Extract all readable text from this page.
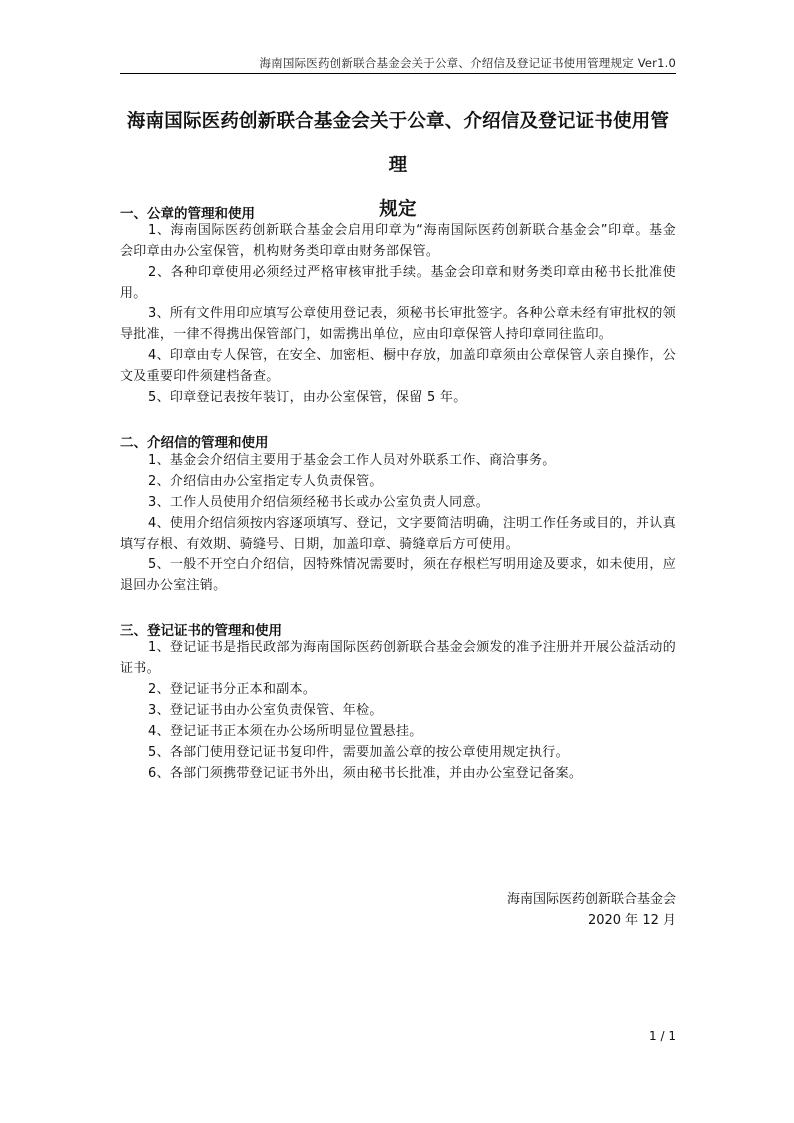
海南国际医药创新联合基金会关于公章、介绍信及登记证书使用管理规定 Ver1.0
海南国际医药创新联合基金会关于公章、介绍信及登记证书使用管理
规定
一、公章的管理和使用

1、海南国际医药创新联合基金会启用印章为“海南国际医药创新联合基金会”印章。基金会印章由办公室保管，机构财务类印章由财务部保管。

2、各种印章使用必须经过严格审核审批手续。基金会印章和财务类印章由秘书长批准使用。

3、所有文件用印应填写公章使用登记表，须秘书长审批签字。各种公章未经有审批权的领导批准，一律不得携出保管部门，如需携出单位，应由印章保管人持印章同往监印。

4、印章由专人保管，在安全、加密柜、橱中存放，加盖印章须由公章保管人亲自操作，公文及重要印件须建档备查。

5、印章登记表按年装订，由办公室保管，保留 5 年。

二、介绍信的管理和使用

1、基金会介绍信主要用于基金会工作人员对外联系工作、商洽事务。

2、介绍信由办公室指定专人负责保管。

3、工作人员使用介绍信须经秘书长或办公室负责人同意。

4、使用介绍信须按内容逐项填写、登记，文字要简洁明确，注明工作任务或目的，并认真填写存根、有效期、骑缝号、日期，加盖印章、骑缝章后方可使用。

5、一般不开空白介绍信，因特殊情况需要时，须在存根栏写明用途及要求，如未使用，应退回办公室注销。

三、登记证书的管理和使用

1、登记证书是指民政部为海南国际医药创新联合基金会颁发的准予注册并开展公益活动的证书。

2、登记证书分正本和副本。

3、登记证书由办公室负责保管、年检。

4、登记证书正本须在办公场所明显位置悬挂。

5、各部门使用登记证书复印件，需要加盖公章的按公章使用规定执行。

6、各部门须携带登记证书外出，须由秘书长批准，并由办公室登记备案。

海南国际医药创新联合基金会
2020 年 12 月
1 / 1
